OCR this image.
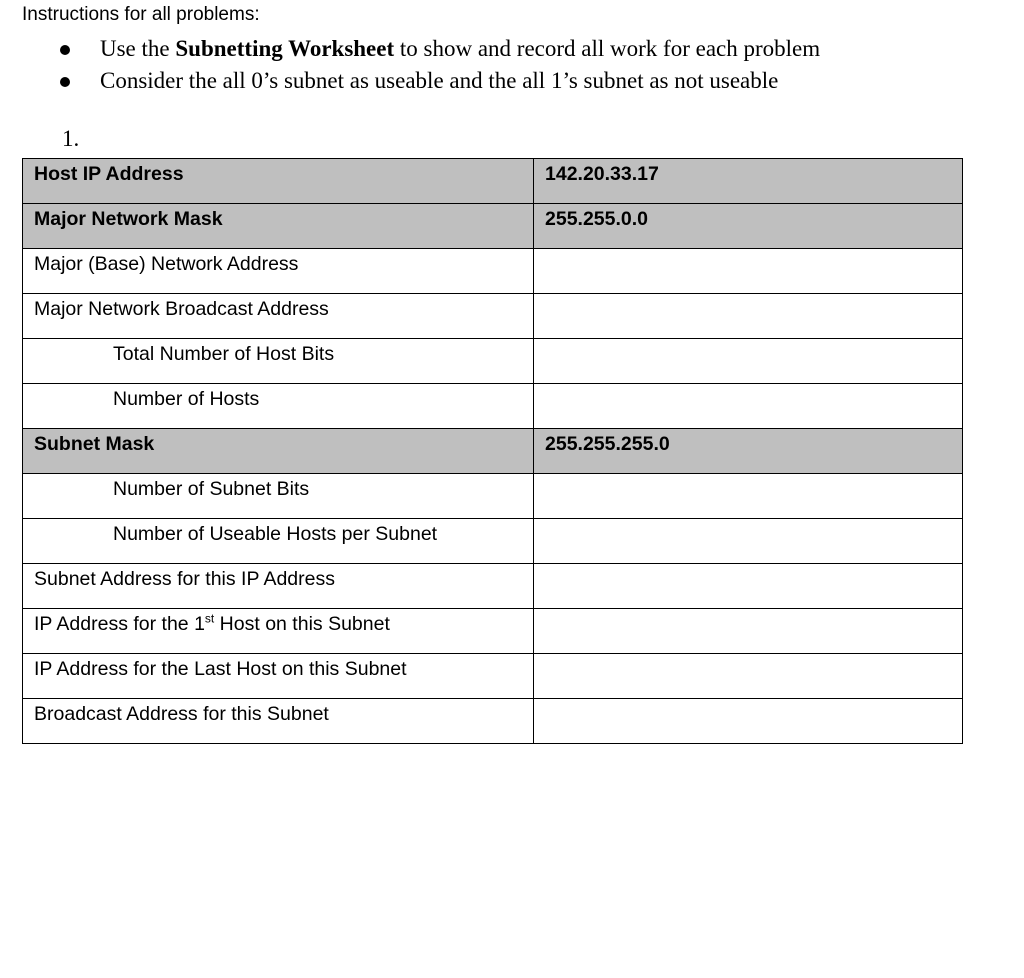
Instructions for all problems:
Use the Subnetting Worksheet to show and record all work for each problem
Consider the all 0’s subnet as useable and the all 1’s subnet as not useable
1.
Host IP Address	142.20.33.17
Major Network Mask	255.255.0.0
Major (Base) Network Address	
Major Network Broadcast Address	
Total Number of Host Bits	
Number of Hosts	
Subnet Mask	255.255.255.0
Number of Subnet Bits	
Number of Useable Hosts per Subnet	
Subnet Address for this IP Address	
IP Address for the 1st Host on this Subnet	
IP Address for the Last Host on this Subnet	
Broadcast Address for this Subnet	
